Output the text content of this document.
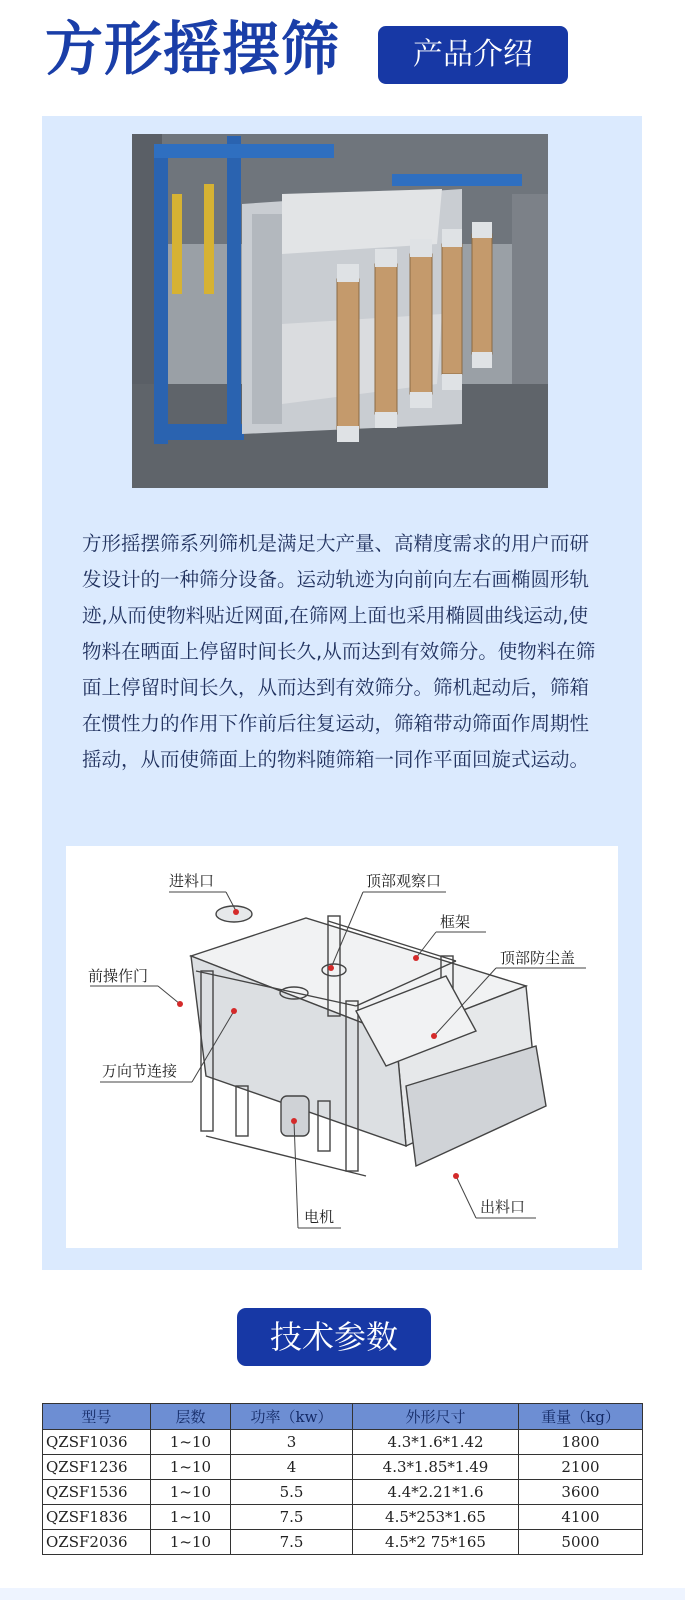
方形摇摆筛	产品介绍
方形摇摆筛系列筛机是满足大产量、高精度需求的用户而研发设计的一种筛分设备。运动轨迹为向前向左右画椭圆形轨迹,从而使物料贴近网面,在筛网上面也采用椭圆曲线运动,使物料在晒面上停留时间长久,从而达到有效筛分。使物料在筛面上停留时间长久，从而达到有效筛分。筛机起动后，筛箱在惯性力的作用下作前后往复运动，筛箱带动筛面作周期性摇动，从而使筛面上的物料随筛箱一同作平面回旋式运动。
进料口	顶部观察口
框架
顶部防尘盖
前操作门
万向节连接
电机
出料口
技术参数
型号	层数	功率（kw）	外形尺寸	重量（kg）
QZSF1036	1~10	3	4.3*1.6*1.42	1800
QZSF1236	1~10	4	4.3*1.85*1.49	2100
QZSF1536	1~10	5.5	4.4*2.21*1.6	3600
QZSF1836	1~10	7.5	4.5*253*1.65	4100
OZSF2036	1~10	7.5	4.5*2 75*165	5000
